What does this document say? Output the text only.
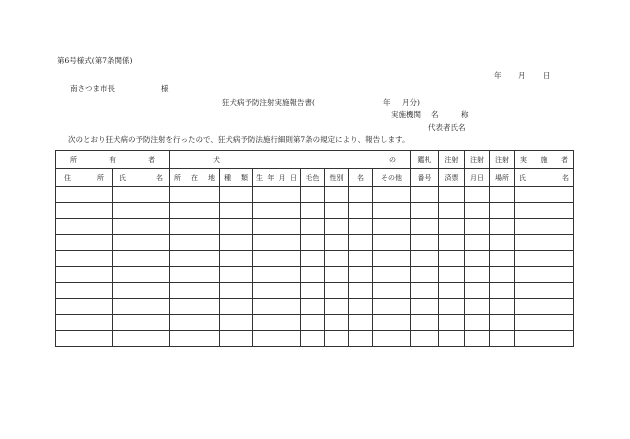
第6号様式(第7条関係)
年 月 日
南さつま市長	様
狂犬病予防注射実施報告書(	年 月分)
実施機関 名	称
代表者氏名
次のとおり狂犬病の予防注射を行ったので、狂犬病予防法施行細則第7条の規定により、報告します。
所 有 者		犬 の							鑑札	注射	注射	注射	実 施 者

住 所	氏 名	所 在 地	種 類	生 年 月 日	毛色	性別	名	その他	番号	済票	月日	場所	氏 名
